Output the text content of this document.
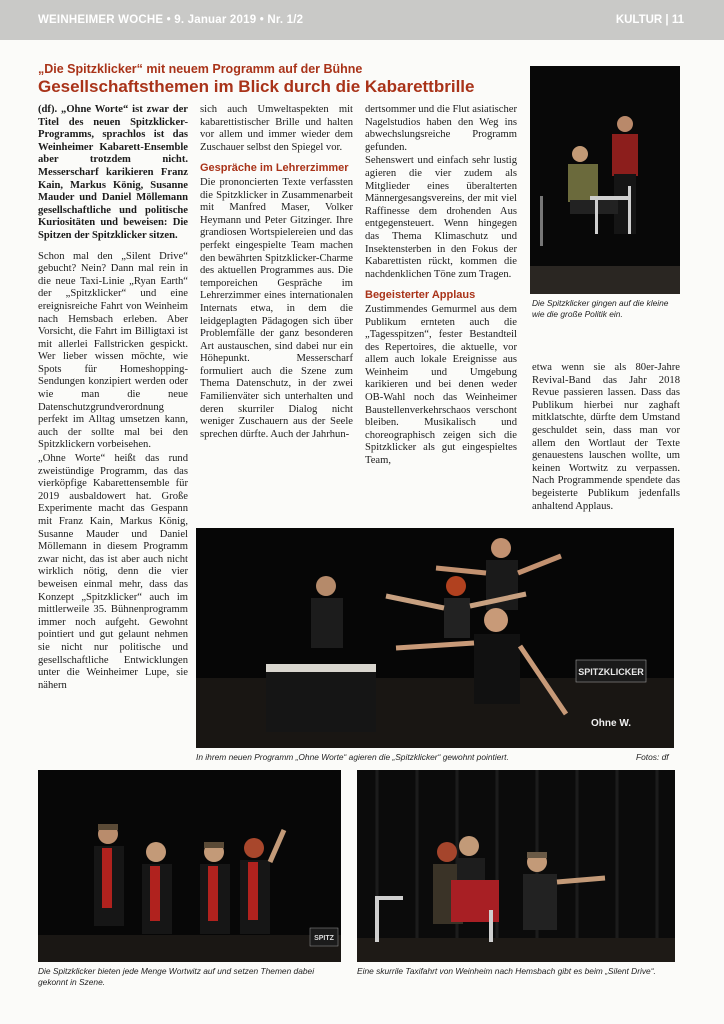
WEINHEIMER WOCHE • 9. Januar 2019 • Nr. 1/2	KULTUR | 11
„Die Spitzklicker“ mit neuem Programm auf der Bühne
Gesellschaftsthemen im Blick durch die Kabarettbrille

(df). „Ohne Worte“ ist zwar der Titel des neuen Spitzklicker-Programms, sprachlos ist das Weinheimer Kabarett-Ensemble aber trotzdem nicht. Messerscharf karikieren Franz Kain, Markus König, Susanne Mauder und Daniel Möllemann gesellschaftliche und politische Kuriositäten und beweisen: Die Spitzen der Spitzklicker sitzen.

Schon mal den „Silent Drive“ gebucht? Nein? Dann mal rein in die neue Taxi-Linie „Ryan Earth“ der „Spitzklicker“ und eine ereignisreiche Fahrt von Weinheim nach Hemsbach erleben. Aber Vorsicht, die Fahrt im Billigtaxi ist mit allerlei Fallstricken gespickt. Wer lieber wissen möchte, wie Spots für Homeshopping-Sendungen konzipiert werden oder wie man die neue Datenschutzgrundverordnung perfekt im Alltag umsetzen kann, auch der sollte mal bei den Spitzklickern vorbeisehen.

„Ohne Worte“ heißt das rund zweistündige Programm, das das vierköpfige Kabarettensemble für 2019 ausbaldowert hat. Große Experimente macht das Gespann mit Franz Kain, Markus König, Susanne Mauder und Daniel Möllemann in diesem Programm zwar nicht, das ist aber auch nicht wirklich nötig, denn die vier beweisen einmal mehr, dass das Konzept „Spitzklicker“ auch im mittlerweile 35. Bühnenprogramm immer noch aufgeht. Gewohnt pointiert und gut gelaunt nehmen sie nicht nur politische und gesellschaftliche Entwicklungen unter die Weinheimer Lupe, sie nähern

sich auch Umweltaspekten mit kabarettistischer Brille und halten vor allem und immer wieder dem Zuschauer selbst den Spiegel vor.

Gespräche im Lehrerzimmer

Die prononcierten Texte verfassten die Spitzklicker in Zusammenarbeit mit Manfred Maser, Volker Heymann und Peter Gitzinger. Ihre grandiosen Wortspielereien und das perfekt eingespielte Team machen den bewährten Spitzklicker-Charme des aktuellen Programmes aus. Die temporeichen Gespräche im Lehrerzimmer eines internationalen Internats etwa, in dem die leidgeplagten Pädagogen sich über Problemfälle der ganz besonderen Art austauschen, sind dabei nur ein Höhepunkt. Messerscharf formuliert auch die Szene zum Thema Datenschutz, in der zwei Familienväter sich unterhalten und deren skurriler Dialog nicht weniger Zuschauern aus der Seele sprechen dürfte. Auch der Jahrhun-

dertsommer und die Flut asiatischer Nagelstudios haben den Weg ins abwechslungsreiche Programm gefunden.

Sehenswert und einfach sehr lustig agieren die vier zudem als Mitglieder eines überalterten Männergesangsvereins, der mit viel Raffinesse dem drohenden Aus entgegensteuert. Wenn hingegen das Thema Klimaschutz und Insektensterben in den Fokus der Kabarettisten rückt, kommen die nachdenklichen Töne zum Tragen.

Begeisterter Applaus

Zustimmendes Gemurmel aus dem Publikum ernteten auch die „Tagesspitzen“, fester Bestandteil des Repertoires, die aktuelle, vor allem auch lokale Ereignisse aus Weinheim und Umgebung karikieren und bei denen weder OB-Wahl noch das Weinheimer Baustellenverkehrschaos verschont bleiben. Musikalisch und choreographisch zeigen sich die Spitzklicker als gut eingespieltes Team,

etwa wenn sie als 80er-Jahre Revival-Band das Jahr 2018 Revue passieren lassen. Dass das Publikum hierbei nur zaghaft mitklatschte, dürfte dem Umstand geschuldet sein, dass man vor allem den Wortlaut der Texte genauestens lauschen wollte, um keinen Wortwitz zu verpassen. Nach Programmende spendete das begeisterte Publikum jedenfalls anhaltend Applaus.

Die Spitzklicker gingen auf die kleine wie die große Politik ein.
SPITZKLICKER
Ohne W.
In ihrem neuen Programm „Ohne Worte“ agieren die „Spitzklicker“ gewohnt pointiert.	Fotos: df
SPITZ
Die Spitzklicker bieten jede Menge Wortwitz auf und setzen Themen dabei gekonnt in Szene.
Eine skurrile Taxifahrt von Weinheim nach Hemsbach gibt es beim „Silent Drive“.
